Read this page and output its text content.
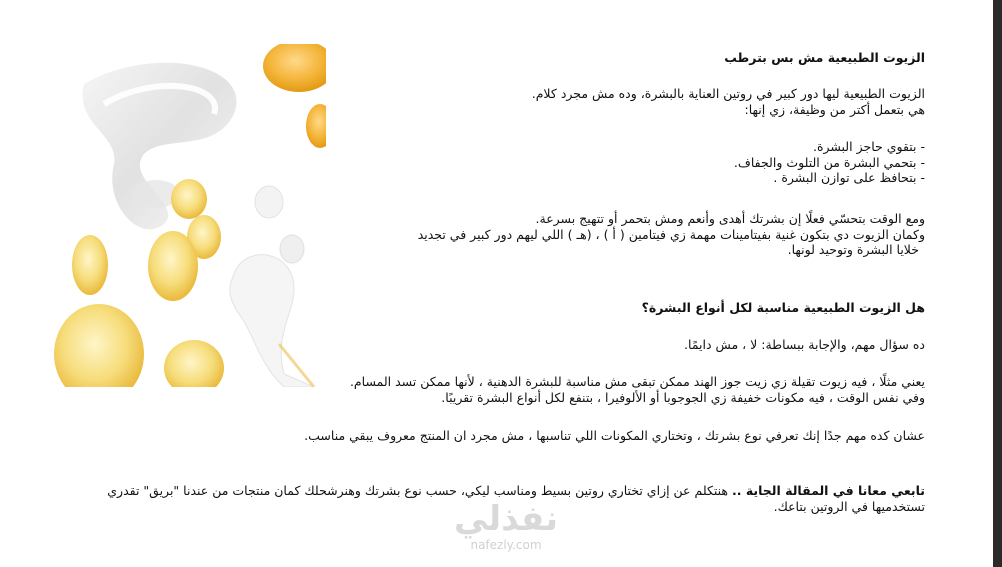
الزيوت الطبيعية مش بس بترطب
الزيوت الطبيعية ليها دور كبير في روتين العناية بالبشرة، وده مش مجرد كلام.
هي بتعمل أكتر من وظيفة، زي إنها:
- بتقوي حاجز البشرة.
- بتحمي البشرة من التلوث والجفاف.
- بتحافظ على توازن البشرة .
ومع الوقت بتحسّي فعلًا إن بشرتك أهدى وأنعم ومش بتحمر أو تتهيج بسرعة.
وكمان الزيوت دي بتكون غنية بفيتامينات مهمة زي فيتامين ( أ ) ، (هـ ) اللي ليهم دور كبير في تجديد
خلايا البشرة وتوحيد لونها.
هل الزيوت الطبيعية مناسبة لكل أنواع البشرة؟
ده سؤال مهم، والإجابة ببساطة: لا ، مش دايمًا.
يعني مثلًا ، فيه زيوت تقيلة زي زيت جوز الهند ممكن تبقى مش مناسبة للبشرة الدهنية ، لأنها ممكن تسد المسام.
وفي نفس الوقت ، فيه مكونات خفيفة زي الجوجوبا أو الألوفيرا ، بتنفع لكل أنواع البشرة تقريبًا.
عشان كده مهم جدًا إنك تعرفي نوع بشرتك ، وتختاري المكونات اللي تناسبها ، مش مجرد ان المنتج معروف يبقي مناسب.
تابعي معانا في المقالة الجاية .. هنتكلم عن إزاي تختاري روتين بسيط ومناسب ليكي، حسب نوع بشرتك وهنرشحلك كمان منتجات من عندنا "بريق" تقدري
تستخدميها في الروتين بتاعك.
نفذلي
nafezly.com
